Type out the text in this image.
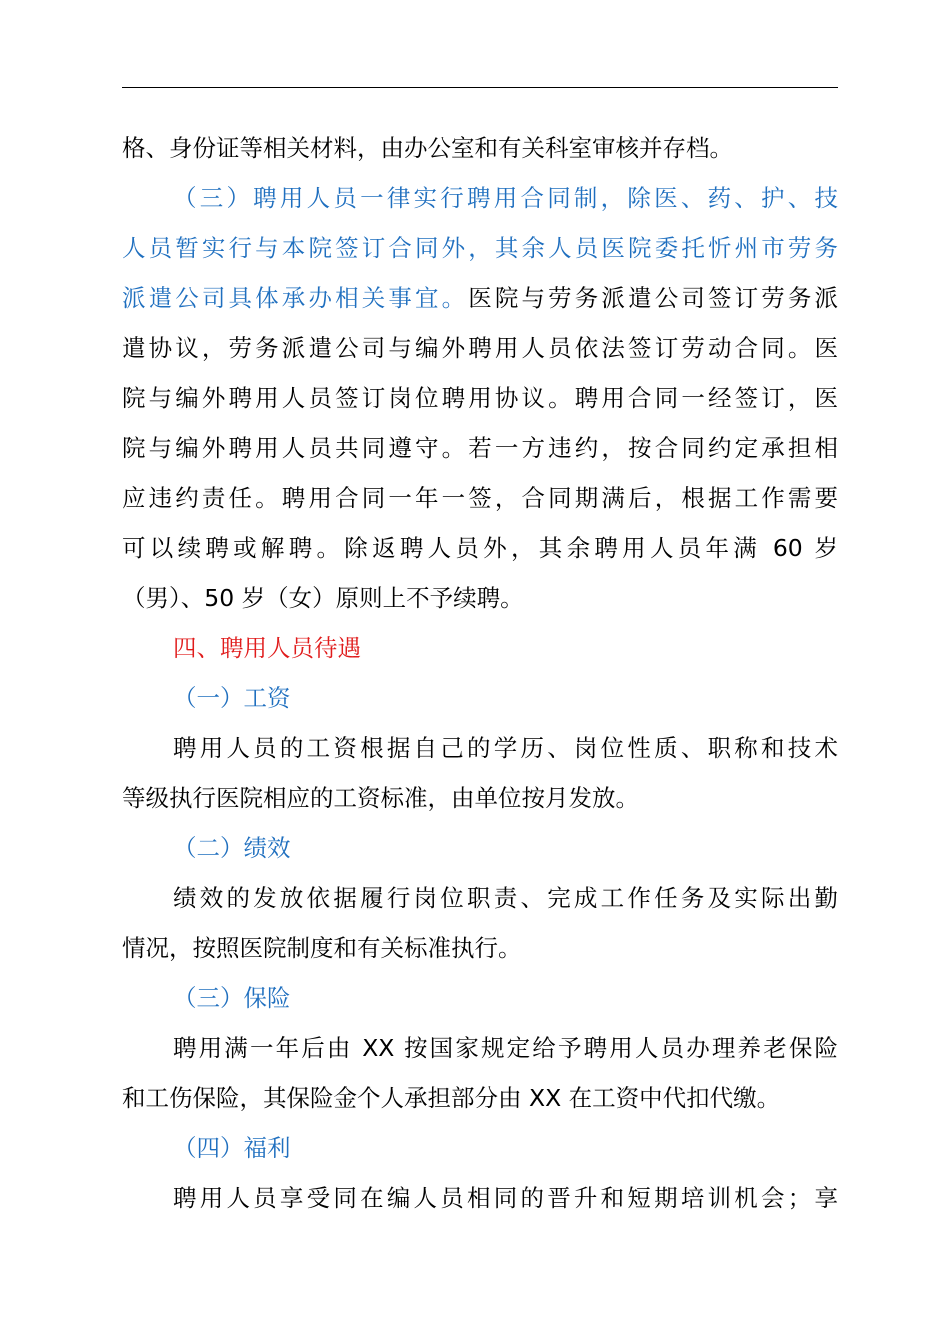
格、身份证等相关材料，由办公室和有关科室审核并存档。
（三）聘用人员一律实行聘用合同制，除医、药、护、技
人员暂实行与本院签订合同外，其余人员医院委托忻州市劳务
派遣公司具体承办相关事宜。医院与劳务派遣公司签订劳务派
遣协议，劳务派遣公司与编外聘用人员依法签订劳动合同。医
院与编外聘用人员签订岗位聘用协议。聘用合同一经签订，医
院与编外聘用人员共同遵守。若一方违约，按合同约定承担相
应违约责任。聘用合同一年一签，合同期满后，根据工作需要
可以续聘或解聘。除返聘人员外，其余聘用人员年满 60 岁
（男）、50 岁（女）原则上不予续聘。
四、聘用人员待遇
（一）工资
聘用人员的工资根据自己的学历、岗位性质、职称和技术
等级执行医院相应的工资标准，由单位按月发放。
（二）绩效
绩效的发放依据履行岗位职责、完成工作任务及实际出勤
情况，按照医院制度和有关标准执行。
（三）保险
聘用满一年后由 XX 按国家规定给予聘用人员办理养老保险
和工伤保险，其保险金个人承担部分由 XX 在工资中代扣代缴。
（四）福利
聘用人员享受同在编人员相同的晋升和短期培训机会；享
